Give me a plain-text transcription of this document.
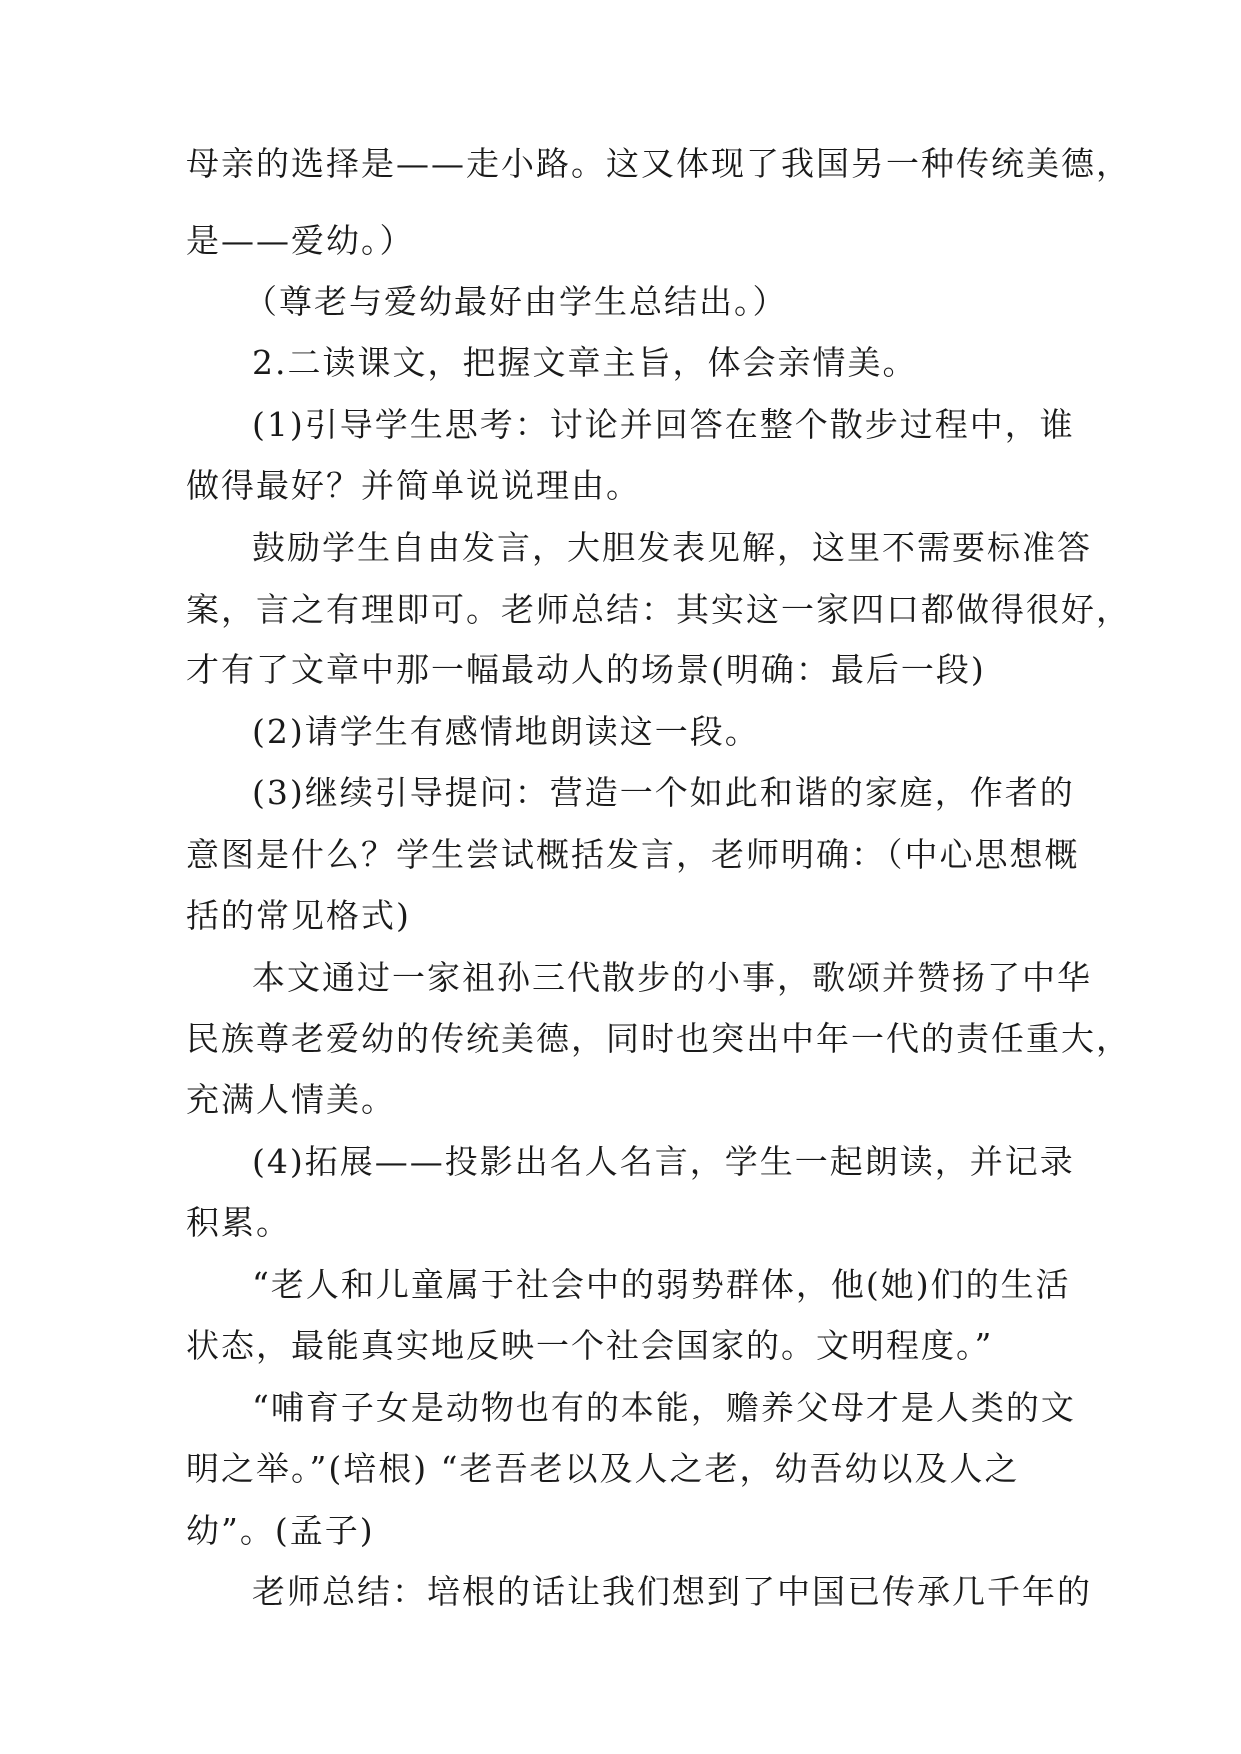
母亲的选择是——走小路。这又体现了我国另一种传统美德，
是——爱幼。）
（尊老与爱幼最好由学生总结出。）
2.二读课文，把握文章主旨，体会亲情美。
(1)引导学生思考：讨论并回答在整个散步过程中，谁
做得最好？并简单说说理由。
鼓励学生自由发言，大胆发表见解，这里不需要标准答
案，言之有理即可。老师总结：其实这一家四口都做得很好，
才有了文章中那一幅最动人的场景(明确：最后一段)
(2)请学生有感情地朗读这一段。
(3)继续引导提问：营造一个如此和谐的家庭，作者的
意图是什么？学生尝试概括发言，老师明确：（中心思想概
括的常见格式)
本文通过一家祖孙三代散步的小事，歌颂并赞扬了中华
民族尊老爱幼的传统美德，同时也突出中年一代的责任重大，
充满人情美。
(4)拓展——投影出名人名言，学生一起朗读，并记录
积累。
“老人和儿童属于社会中的弱势群体，他(她)们的生活
状态，最能真实地反映一个社会国家的。文明程度。”
“哺育子女是动物也有的本能，赡养父母才是人类的文
明之举。”(培根) “老吾老以及人之老，幼吾幼以及人之
幼”。(孟子)
老师总结：培根的话让我们想到了中国已传承几千年的
